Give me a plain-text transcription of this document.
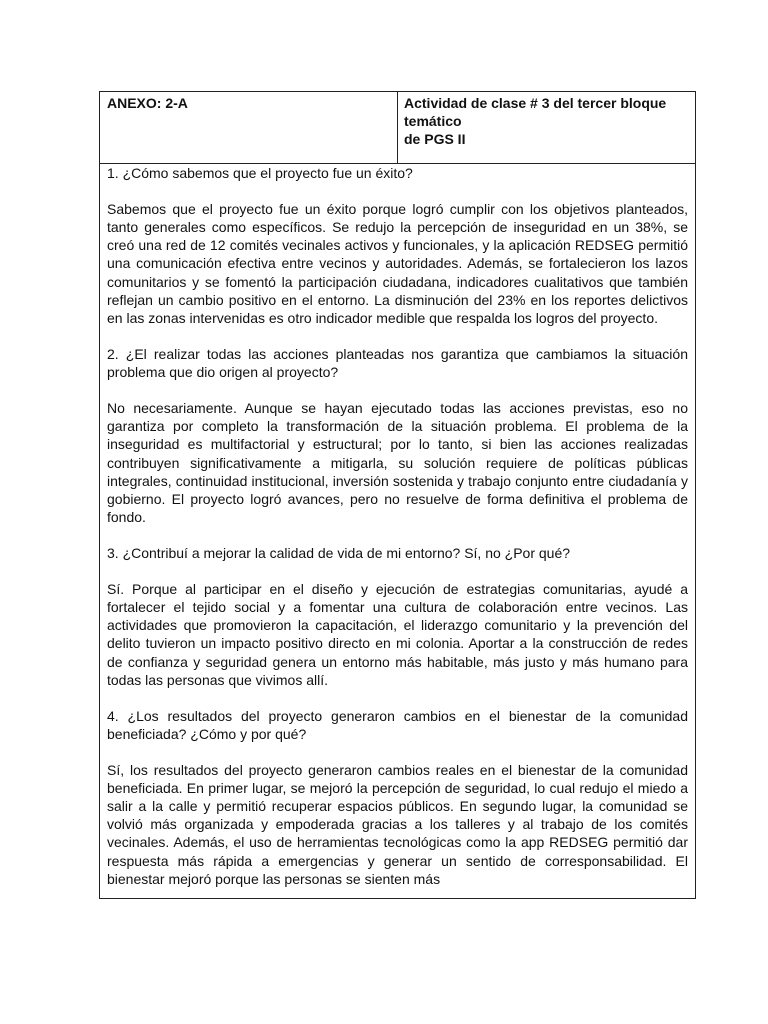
ANEXO: 2-A	Actividad de clase # 3 del tercer bloque
temático
de PGS II

1. ¿Cómo sabemos que el proyecto fue un éxito?

Sabemos que el proyecto fue un éxito porque logró cumplir con los objetivos planteados, tanto generales como específicos. Se redujo la percepción de inseguridad en un 38%, se creó una red de 12 comités vecinales activos y funcionales, y la aplicación REDSEG permitió una comunicación efectiva entre vecinos y autoridades. Además, se fortalecieron los lazos comunitarios y se fomentó la participación ciudadana, indicadores cualitativos que también reflejan un cambio positivo en el entorno. La disminución del 23% en los reportes delictivos en las zonas intervenidas es otro indicador medible que respalda los logros del proyecto.

2. ¿El realizar todas las acciones planteadas nos garantiza que cambiamos la situación problema que dio origen al proyecto?

No necesariamente. Aunque se hayan ejecutado todas las acciones previstas, eso no garantiza por completo la transformación de la situación problema. El problema de la inseguridad es multifactorial y estructural; por lo tanto, si bien las acciones realizadas contribuyen significativamente a mitigarla, su solución requiere de políticas públicas integrales, continuidad institucional, inversión sostenida y trabajo conjunto entre ciudadanía y gobierno. El proyecto logró avances, pero no resuelve de forma definitiva el problema de fondo.

3. ¿Contribuí a mejorar la calidad de vida de mi entorno? Sí, no ¿Por qué?

Sí. Porque al participar en el diseño y ejecución de estrategias comunitarias, ayudé a fortalecer el tejido social y a fomentar una cultura de colaboración entre vecinos. Las actividades que promovieron la capacitación, el liderazgo comunitario y la prevención del delito tuvieron un impacto positivo directo en mi colonia. Aportar a la construcción de redes de confianza y seguridad genera un entorno más habitable, más justo y más humano para todas las personas que vivimos allí.

4. ¿Los resultados del proyecto generaron cambios en el bienestar de la comunidad beneficiada? ¿Cómo y por qué?

Sí, los resultados del proyecto generaron cambios reales en el bienestar de la comunidad beneficiada. En primer lugar, se mejoró la percepción de seguridad, lo cual redujo el miedo a salir a la calle y permitió recuperar espacios públicos. En segundo lugar, la comunidad se volvió más organizada y empoderada gracias a los talleres y al trabajo de los comités vecinales. Además, el uso de herramientas tecnológicas como la app REDSEG permitió dar respuesta más rápida a emergencias y generar un sentido de corresponsabilidad. El bienestar mejoró porque las personas se sienten más
